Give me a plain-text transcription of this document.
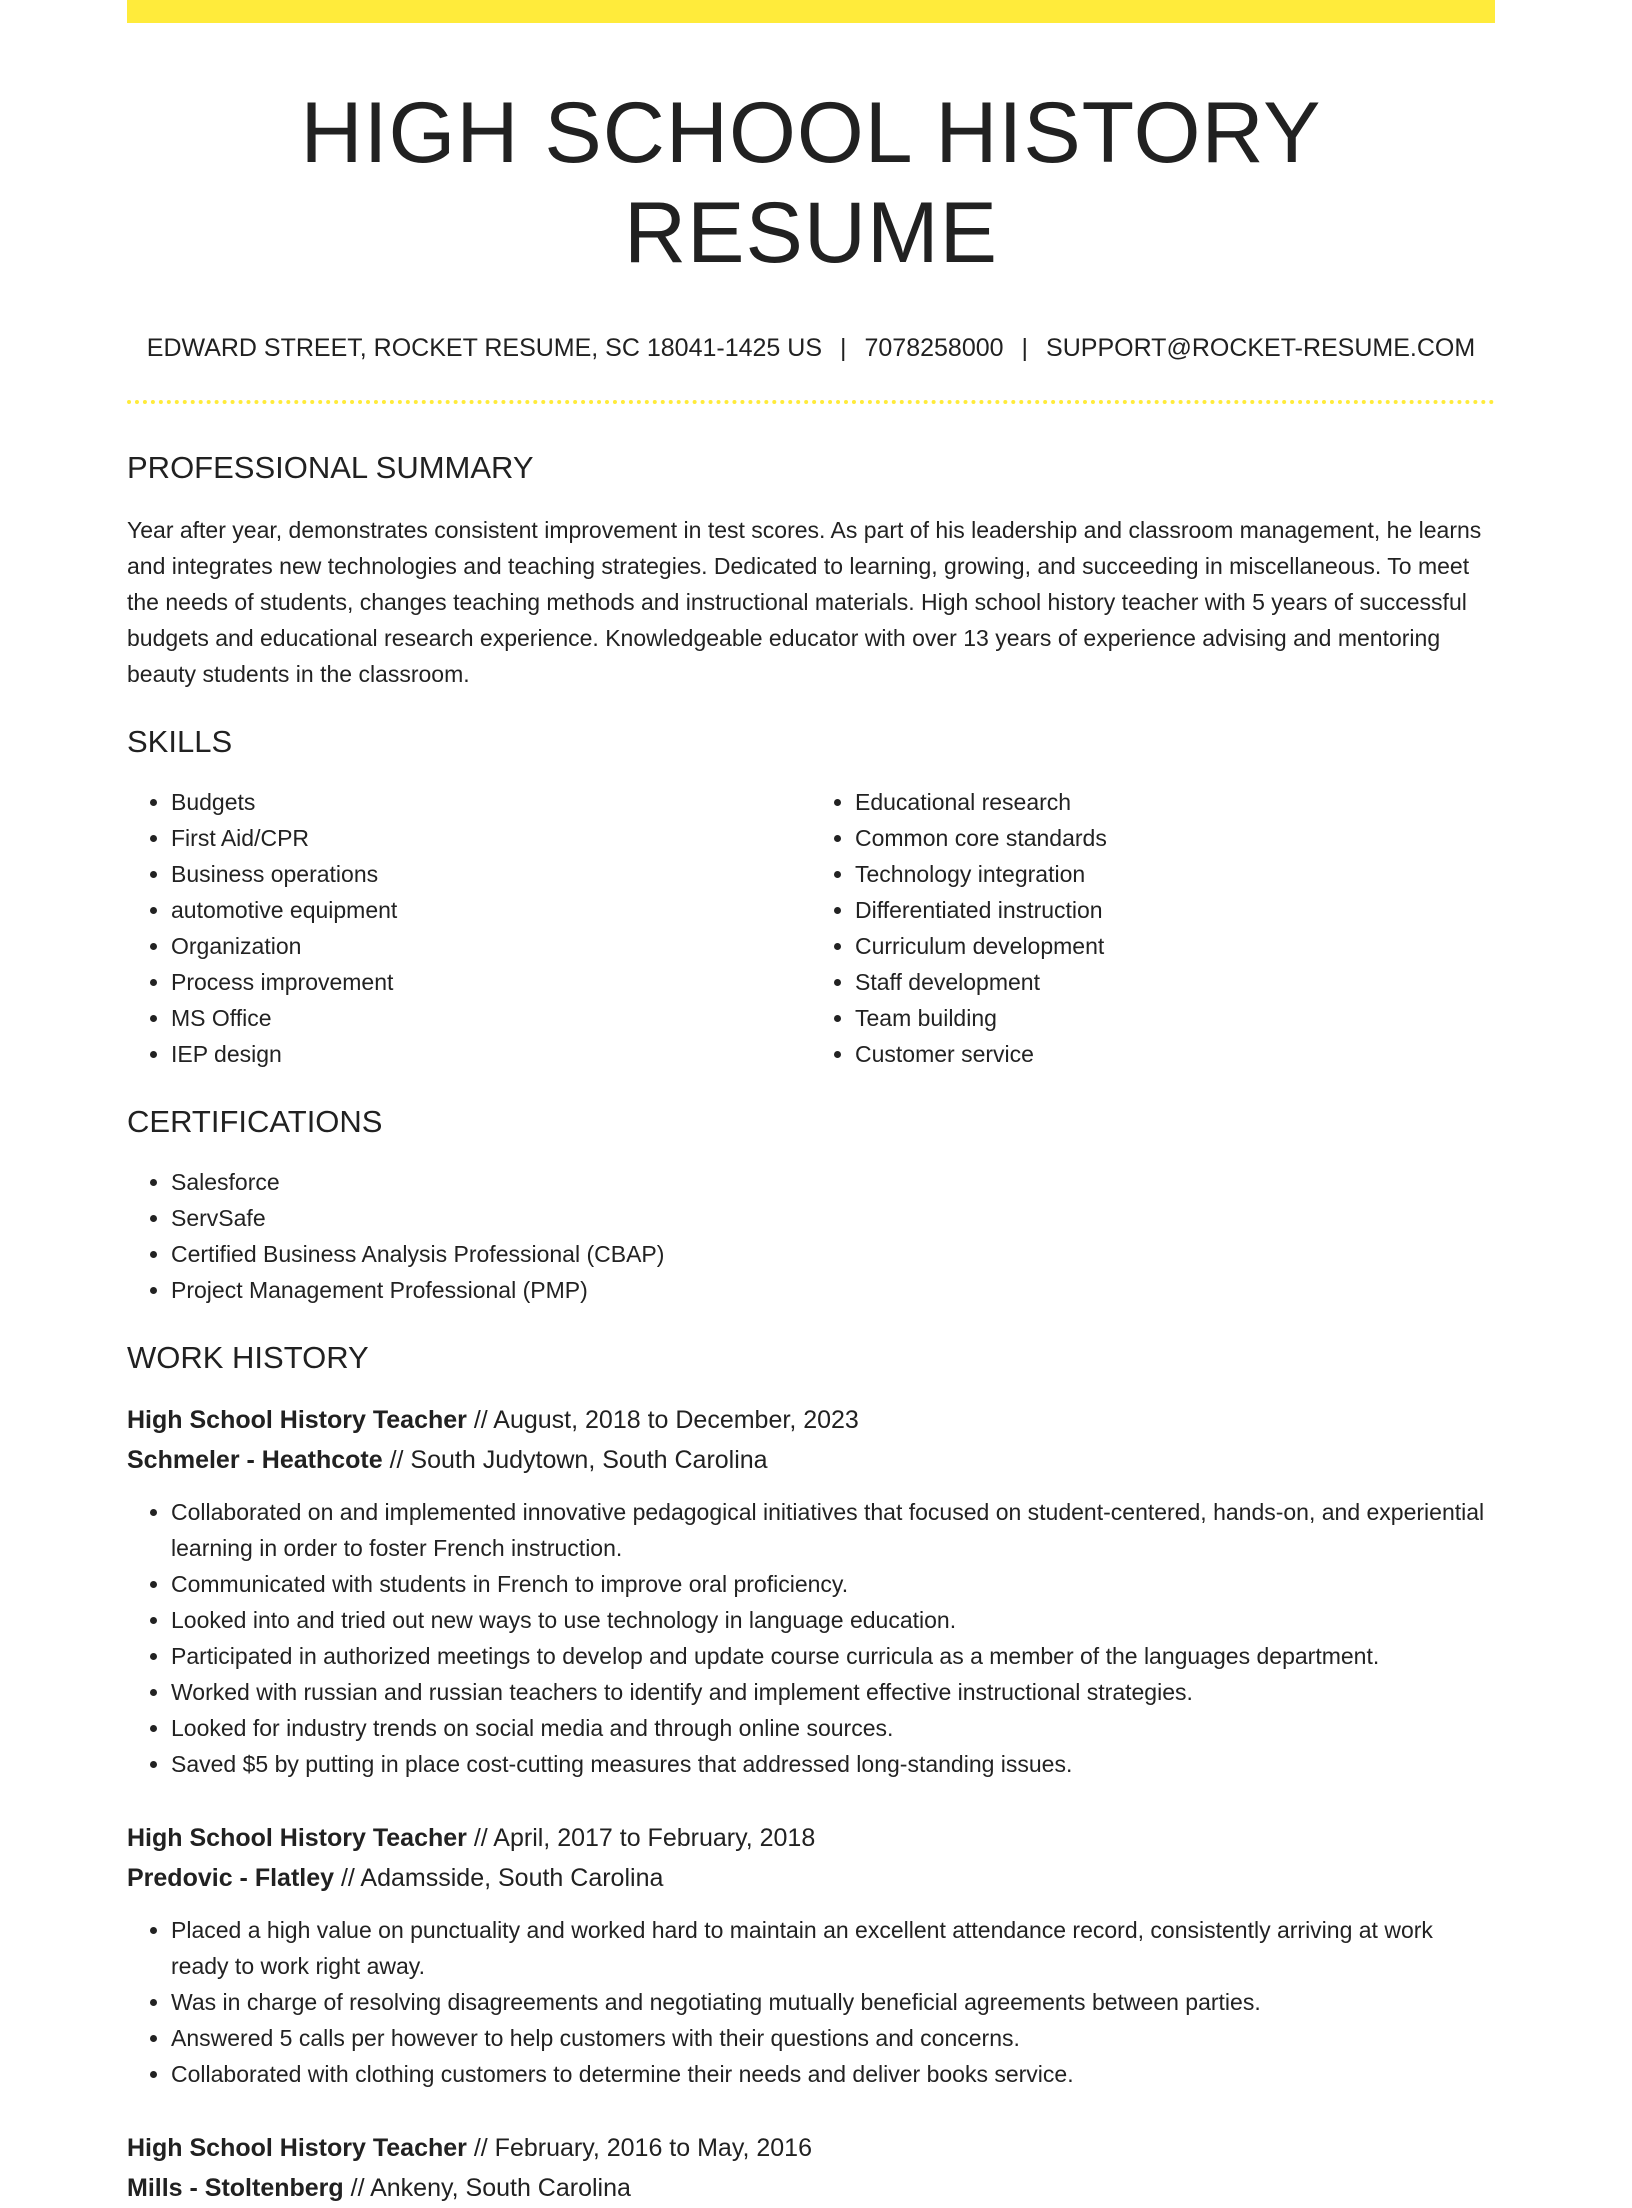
HIGH SCHOOL HISTORY RESUME
EDWARD STREET, ROCKET RESUME, SC 18041-1425 US | 7078258000 | SUPPORT@ROCKET-RESUME.COM
PROFESSIONAL SUMMARY

Year after year, demonstrates consistent improvement in test scores. As part of his leadership and classroom management, he learns and integrates new technologies and teaching strategies. Dedicated to learning, growing, and succeeding in miscellaneous. To meet the needs of students, changes teaching methods and instructional materials. High school history teacher with 5 years of successful budgets and educational research experience. Knowledgeable educator with over 13 years of experience advising and mentoring beauty students in the classroom.

SKILLS
• Budgets
• First Aid/CPR
• Business operations
• automotive equipment
• Organization
• Process improvement
• MS Office
• IEP design
• Educational research
• Common core standards
• Technology integration
• Differentiated instruction
• Curriculum development
• Staff development
• Team building
• Customer service
CERTIFICATIONS
• Salesforce
• ServSafe
• Certified Business Analysis Professional (CBAP)
• Project Management Professional (PMP)
WORK HISTORY
High School History Teacher // August, 2018 to December, 2023
Schmeler - Heathcote // South Judytown, South Carolina
• Collaborated on and implemented innovative pedagogical initiatives that focused on student-centered, hands-on, and experiential learning in order to foster French instruction.
• Communicated with students in French to improve oral proficiency.
• Looked into and tried out new ways to use technology in language education.
• Participated in authorized meetings to develop and update course curricula as a member of the languages department.
• Worked with russian and russian teachers to identify and implement effective instructional strategies.
• Looked for industry trends on social media and through online sources.
• Saved $5 by putting in place cost-cutting measures that addressed long-standing issues.
High School History Teacher // April, 2017 to February, 2018
Predovic - Flatley // Adamsside, South Carolina
• Placed a high value on punctuality and worked hard to maintain an excellent attendance record, consistently arriving at work ready to work right away.
• Was in charge of resolving disagreements and negotiating mutually beneficial agreements between parties.
• Answered 5 calls per however to help customers with their questions and concerns.
• Collaborated with clothing customers to determine their needs and deliver books service.
High School History Teacher // February, 2016 to May, 2016
Mills - Stoltenberg // Ankeny, South Carolina
